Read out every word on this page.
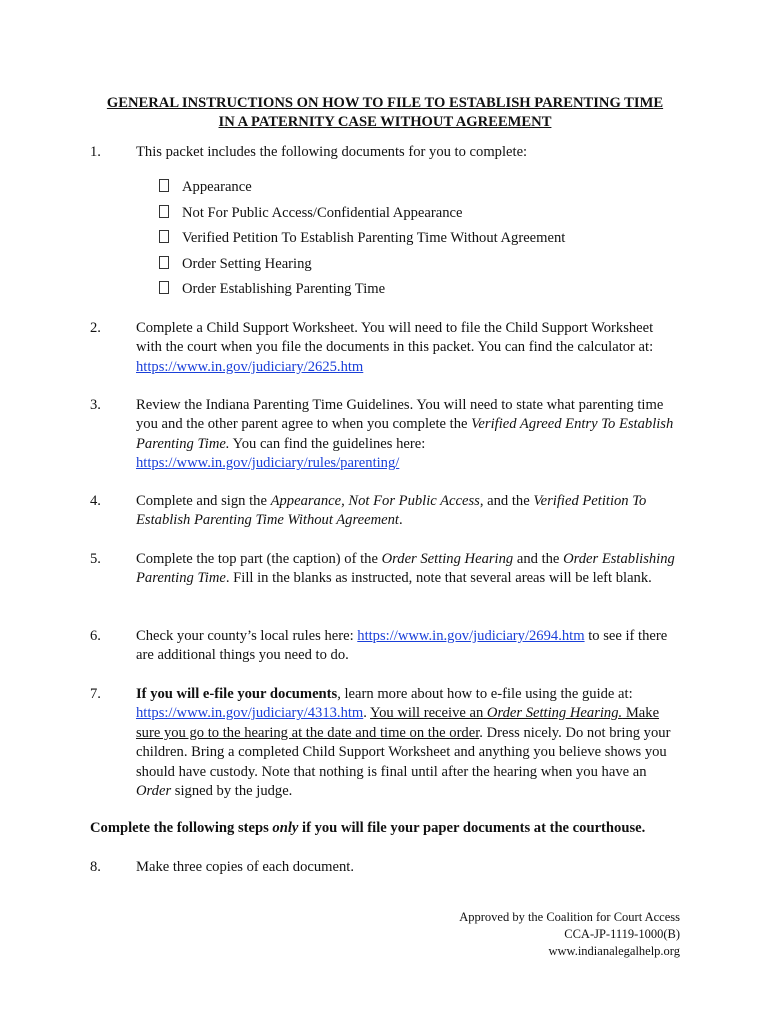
GENERAL INSTRUCTIONS ON HOW TO FILE TO ESTABLISH PARENTING TIME
IN A PATERNITY CASE WITHOUT AGREEMENT
1. This packet includes the following documents for you to complete:
Appearance
Not For Public Access/Confidential Appearance
Verified Petition To Establish Parenting Time Without Agreement
Order Setting Hearing
Order Establishing Parenting Time
2. Complete a Child Support Worksheet. You will need to file the Child Support Worksheet with the court when you file the documents in this packet. You can find the calculator at: https://www.in.gov/judiciary/2625.htm
3. Review the Indiana Parenting Time Guidelines. You will need to state what parenting time you and the other parent agree to when you complete the Verified Agreed Entry To Establish Parenting Time. You can find the guidelines here: https://www.in.gov/judiciary/rules/parenting/
4. Complete and sign the Appearance, Not For Public Access, and the Verified Petition To Establish Parenting Time Without Agreement.
5. Complete the top part (the caption) of the Order Setting Hearing and the Order Establishing Parenting Time. Fill in the blanks as instructed, note that several areas will be left blank.
6. Check your county’s local rules here: https://www.in.gov/judiciary/2694.htm to see if there are additional things you need to do.
7. If you will e-file your documents, learn more about how to e-file using the guide at: https://www.in.gov/judiciary/4313.htm. You will receive an Order Setting Hearing. Make sure you go to the hearing at the date and time on the order. Dress nicely. Do not bring your children. Bring a completed Child Support Worksheet and anything you believe shows you should have custody. Note that nothing is final until after the hearing when you have an Order signed by the judge.
Complete the following steps only if you will file your paper documents at the courthouse.
8. Make three copies of each document.
Approved by the Coalition for Court Access
CCA-JP-1119-1000(B)
www.indianalegalhelp.org
